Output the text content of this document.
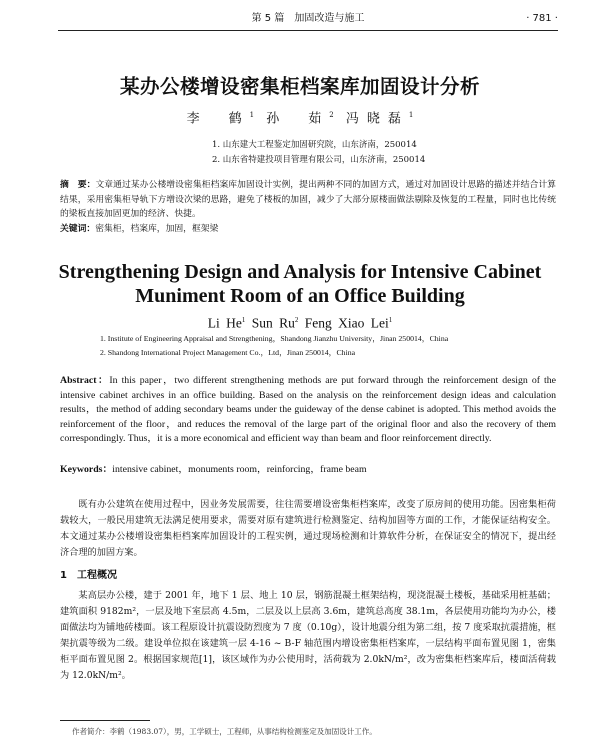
第 5 篇　加固改造与施工	· 781 ·
某办公楼增设密集柜档案库加固设计分析
李　鹤$^1$ 孙　茹$^2$ 冯晓磊$^1$
1. 山东建大工程鉴定加固研究院，山东济南，250014
2. 山东省特建投项目管理有限公司，山东济南，250014
摘　要：文章通过某办公楼增设密集柜档案库加固设计实例，提出两种不同的加固方式，通过对加固设计思路的描述并结合计算结果，采用密集柜导轨下方增设次梁的思路，避免了楼板的加固，减少了大部分原楼面做法剔除及恢复的工程量，同时也比传统的梁板直接加固更加的经济、快捷。
关键词：密集柜，档案库，加固，框架梁
Strengthening Design and Analysis for Intensive Cabinet
Muniment Room of an Office Building
Li He$^1$ Sun Ru$^2$ Feng Xiao Lei$^1$
1. Institute of Engineering Appraisal and Strengthening，Shandong Jianzhu University，Jinan 250014，China
2. Shandong International Project Management Co.，Ltd，Jinan 250014，China
Abstract：In this paper，two different strengthening methods are put forward through the reinforcement design of the intensive cabinet archives in an office building. Based on the analysis on the reinforcement design ideas and calculation results，the method of adding secondary beams under the guideway of the dense cabinet is adopted. This method avoids the reinforcement of the floor，and reduces the removal of the large part of the original floor and also the recovery of them correspondingly. Thus，it is a more economical and efficient way than beam and floor reinforcement directly.
Keywords：intensive cabinet，monuments room，reinforcing，frame beam
既有办公建筑在使用过程中，因业务发展需要，往往需要增设密集柜档案库，改变了原房间的使用功能。因密集柜荷载较大，一般民用建筑无法满足使用要求，需要对原有建筑进行检测鉴定、结构加固等方面的工作，才能保证结构安全。本文通过某办公楼增设密集柜档案库加固设计的工程实例，通过现场检测和计算软件分析，在保证安全的情况下，提出经济合理的加固方案。
1　工程概况
某高层办公楼，建于 2001 年，地下 1 层、地上 10 层，钢筋混凝土框架结构，现浇混凝土楼板，基础采用桩基础；建筑面积 9182m²，一层及地下室层高 4.5m，二层及以上层高 3.6m，建筑总高度 38.1m，各层使用功能均为办公，楼面做法均为铺地砖楼面。该工程原设计抗震设防烈度为 7 度（0.10g），设计地震分组为第二组，按 7 度采取抗震措施，框架抗震等级为二级。建设单位拟在该建筑一层 4-16 ~ B-F 轴范围内增设密集柜档案库，一层结构平面布置见图 1，密集柜平面布置见图 2。根据国家规范[1]，该区域作为办公使用时，活荷载为 2.0kN/m²，改为密集柜档案库后，楼面活荷载为 12.0kN/m²。
作者简介：李鹤（1983.07），男，工学硕士，工程师，从事结构检测鉴定及加固设计工作。
